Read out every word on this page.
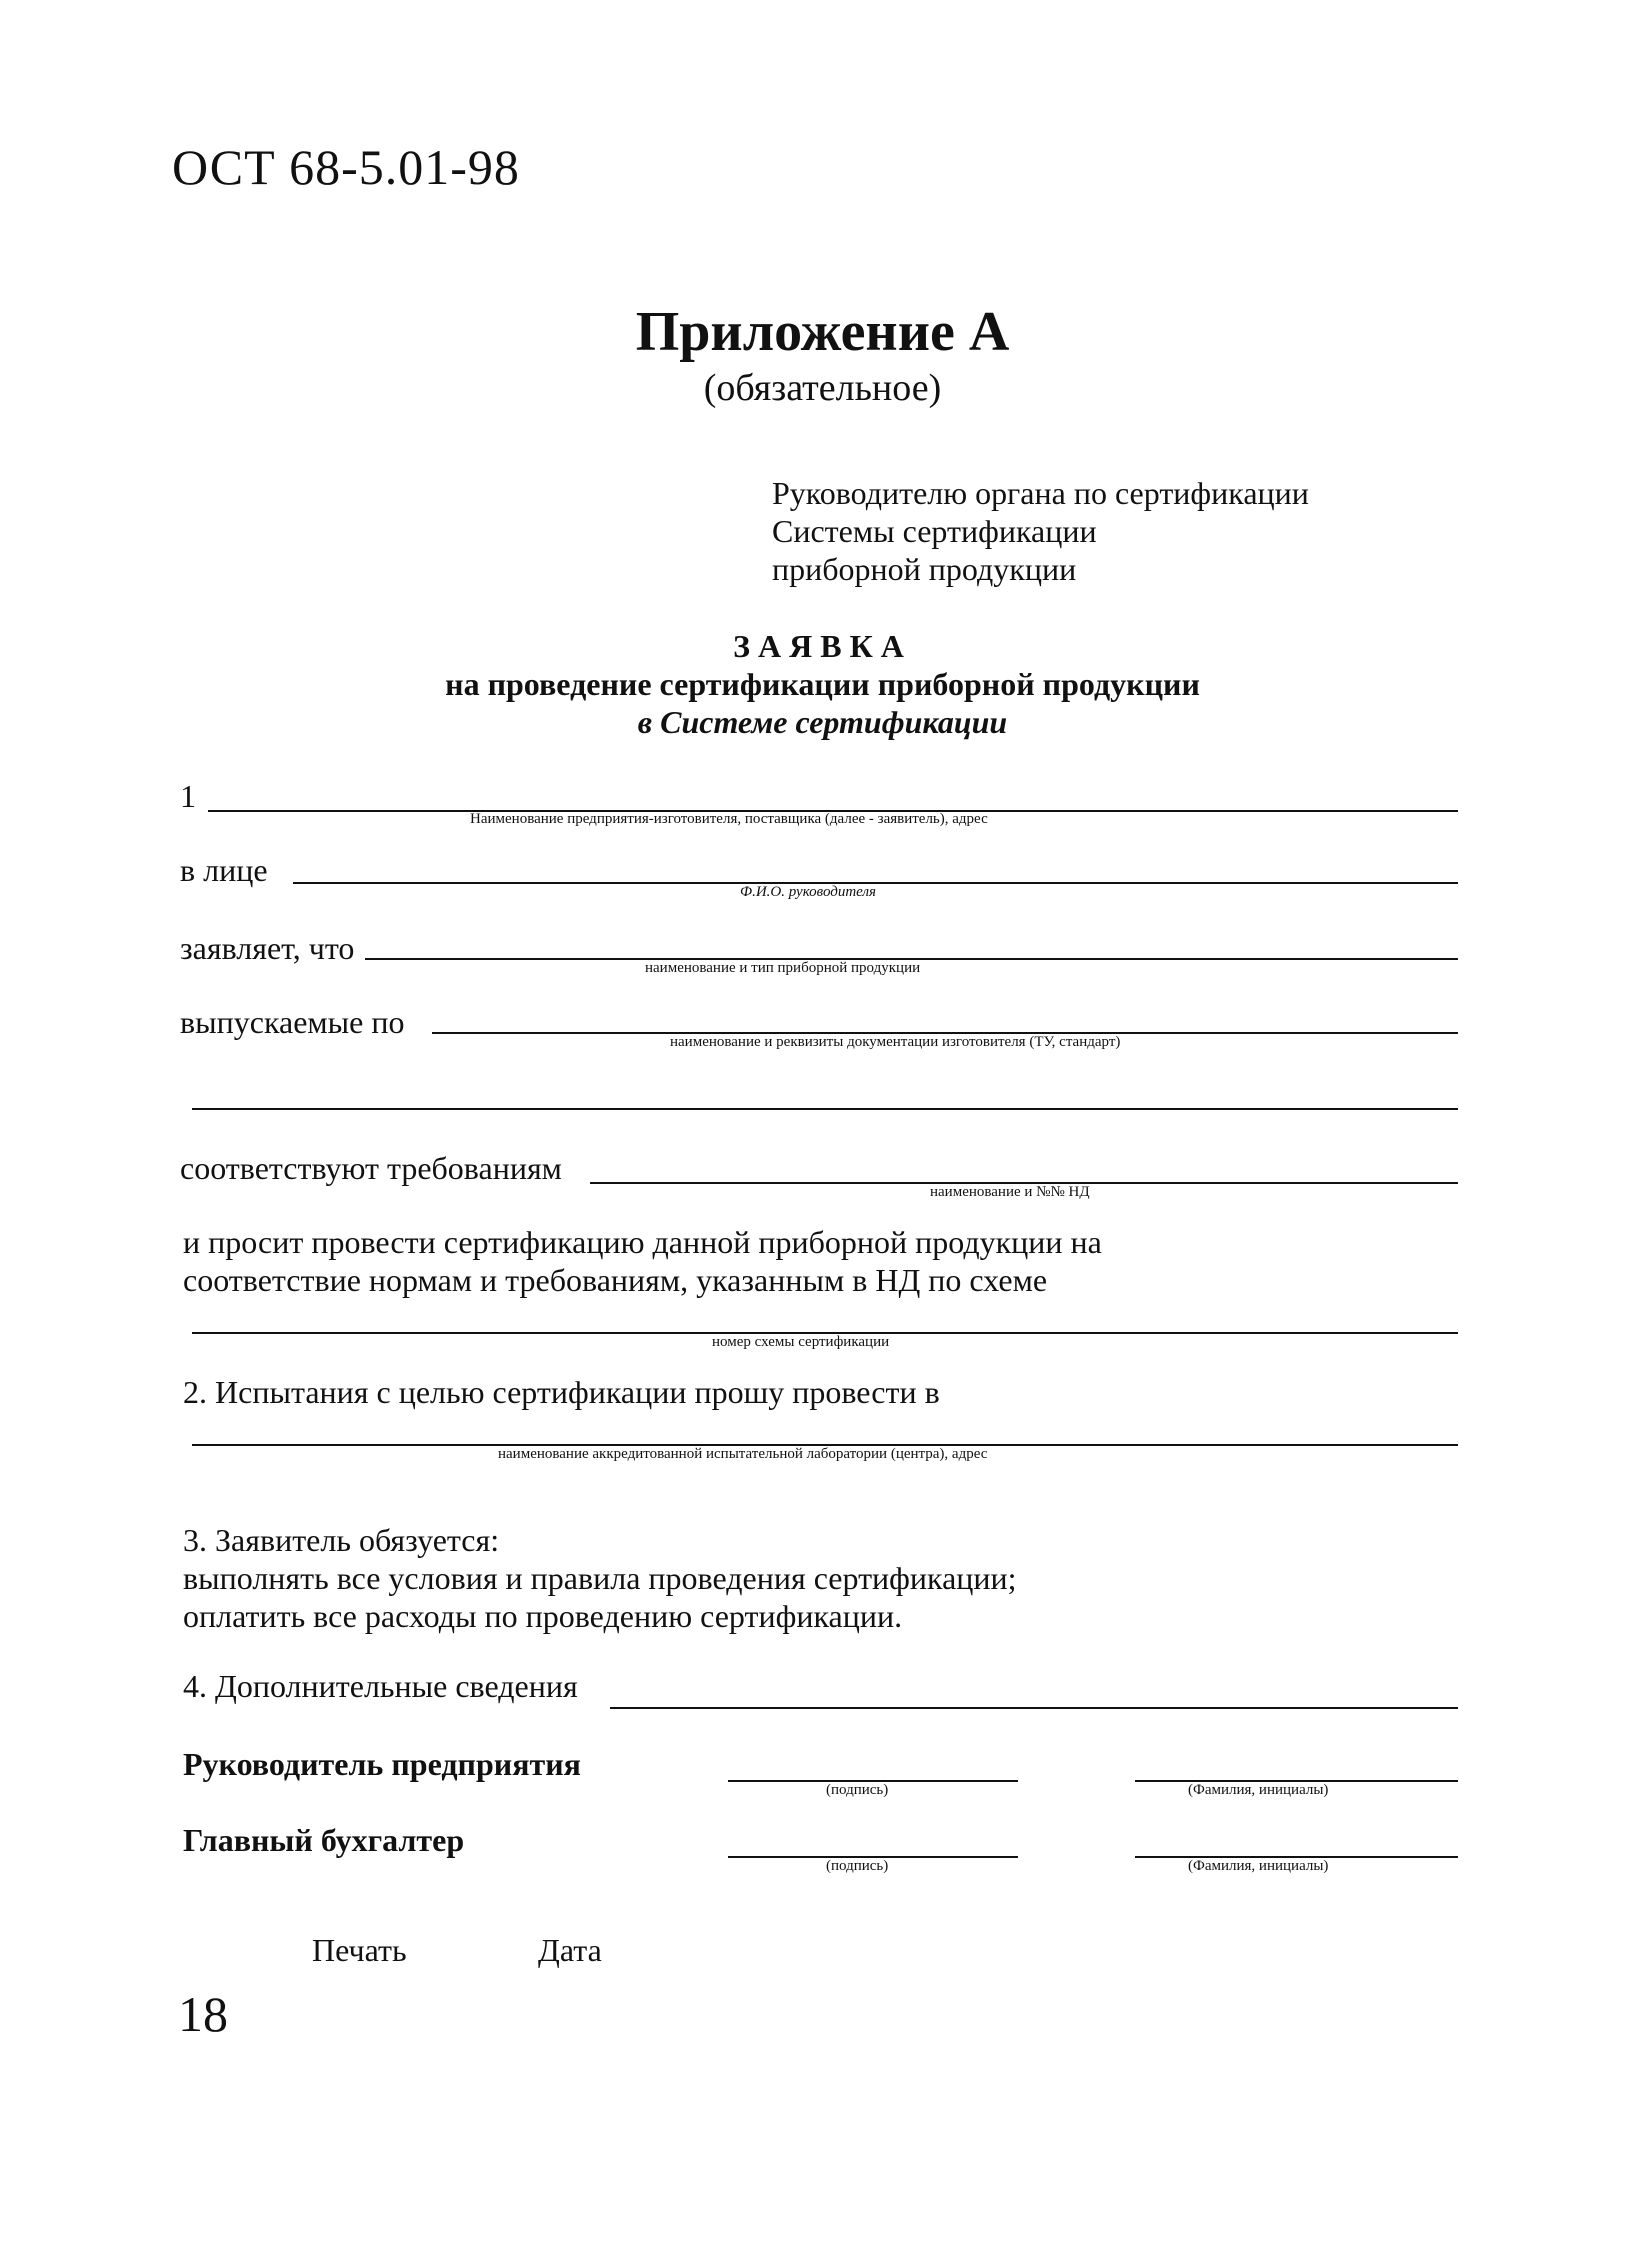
ОСТ 68-5.01-98
Приложение А
(обязательное)
Руководителю органа по сертификации
Системы сертификации
приборной продукции
ЗАЯВКА
на проведение сертификации приборной продукции
в Системе сертификации
1
Наименование предприятия-изготовителя, поставщика (далее - заявитель), адрес
в лице
Ф.И.О. руководителя
заявляет, что
наименование и тип приборной продукции
выпускаемые по
наименование и реквизиты документации изготовителя (ТУ, стандарт)
соответствуют требованиям
наименование и №№ НД
и просит провести сертификацию данной приборной продукции на
соответствие нормам и требованиям, указанным в НД по схеме
номер схемы сертификации
2. Испытания с целью сертификации прошу провести в
наименование аккредитованной испытательной лаборатории (центра), адрес
3. Заявитель обязуется:
выполнять все условия и правила проведения сертификации;
оплатить все расходы по проведению сертификации.
4. Дополнительные сведения
Руководитель предприятия
(подпись)	(Фамилия, инициалы)
Главный бухгалтер
(подпись)	(Фамилия, инициалы)
Печать	Дата
18
